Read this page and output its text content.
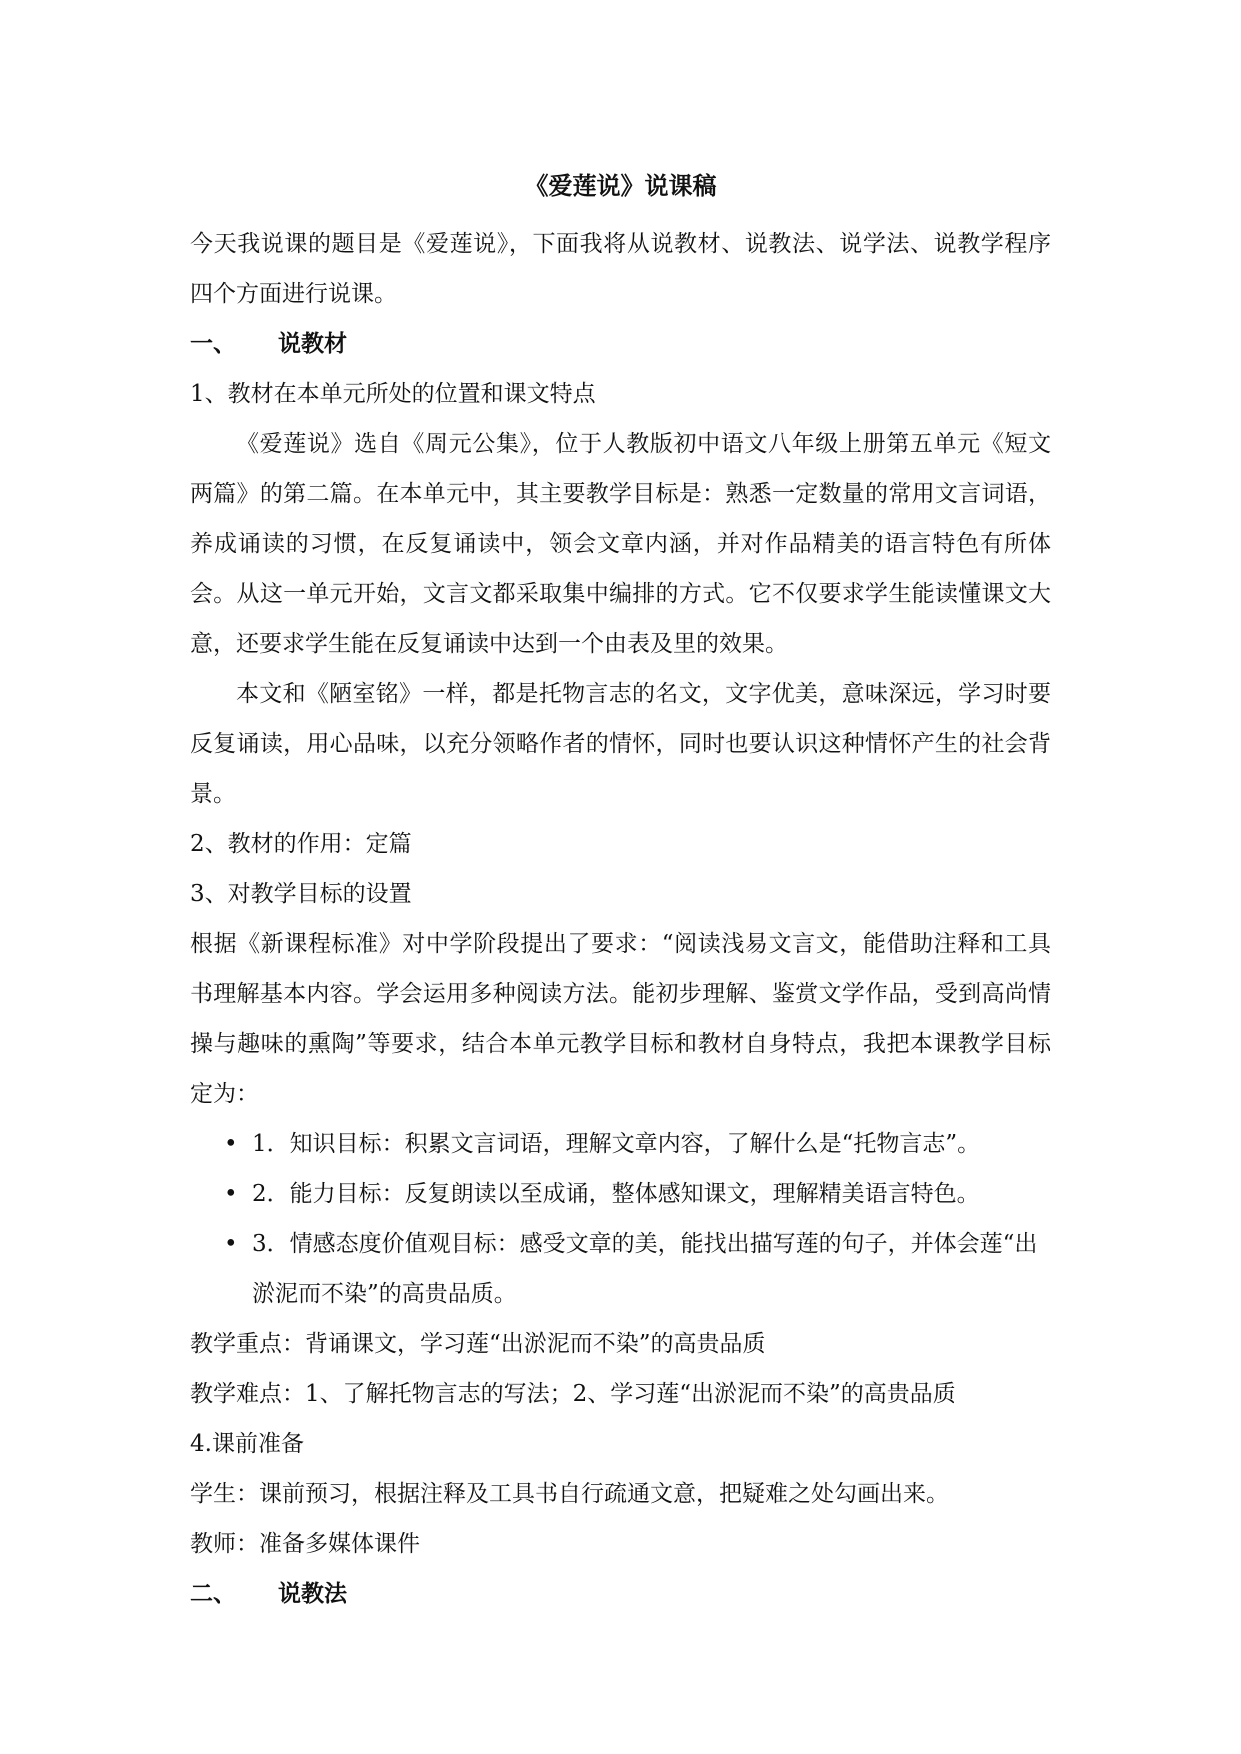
《爱莲说》说课稿

今天我说课的题目是《爱莲说》，下面我将从说教材、说教法、说学法、说教学程序四个方面进行说课。

一、	说教材

1、教材在本单元所处的位置和课文特点

《爱莲说》选自《周元公集》，位于人教版初中语文八年级上册第五单元《短文两篇》的第二篇。在本单元中，其主要教学目标是：熟悉一定数量的常用文言词语，养成诵读的习惯，在反复诵读中，领会文章内涵，并对作品精美的语言特色有所体会。从这一单元开始，文言文都采取集中编排的方式。它不仅要求学生能读懂课文大意，还要求学生能在反复诵读中达到一个由表及里的效果。

本文和《陋室铭》一样，都是托物言志的名文，文字优美，意味深远，学习时要反复诵读，用心品味，以充分领略作者的情怀，同时也要认识这种情怀产生的社会背景。

2、教材的作用：定篇

3、对教学目标的设置

根据《新课程标准》对中学阶段提出了要求：“阅读浅易文言文，能借助注释和工具书理解基本内容。学会运用多种阅读方法。能初步理解、鉴赏文学作品，受到高尚情操与趣味的熏陶”等要求，结合本单元教学目标和教材自身特点，我把本课教学目标定为：

• 1．知识目标：积累文言词语，理解文章内容，了解什么是“托物言志”。
• 2．能力目标：反复朗读以至成诵，整体感知课文，理解精美语言特色。
• 3．情感态度价值观目标：感受文章的美，能找出描写莲的句子，并体会莲“出淤泥而不染”的高贵品质。

教学重点：背诵课文，学习莲“出淤泥而不染”的高贵品质

教学难点：1、了解托物言志的写法；2、学习莲“出淤泥而不染”的高贵品质

4.课前准备

学生：课前预习，根据注释及工具书自行疏通文意，把疑难之处勾画出来。

教师：准备多媒体课件

二、	说教法
